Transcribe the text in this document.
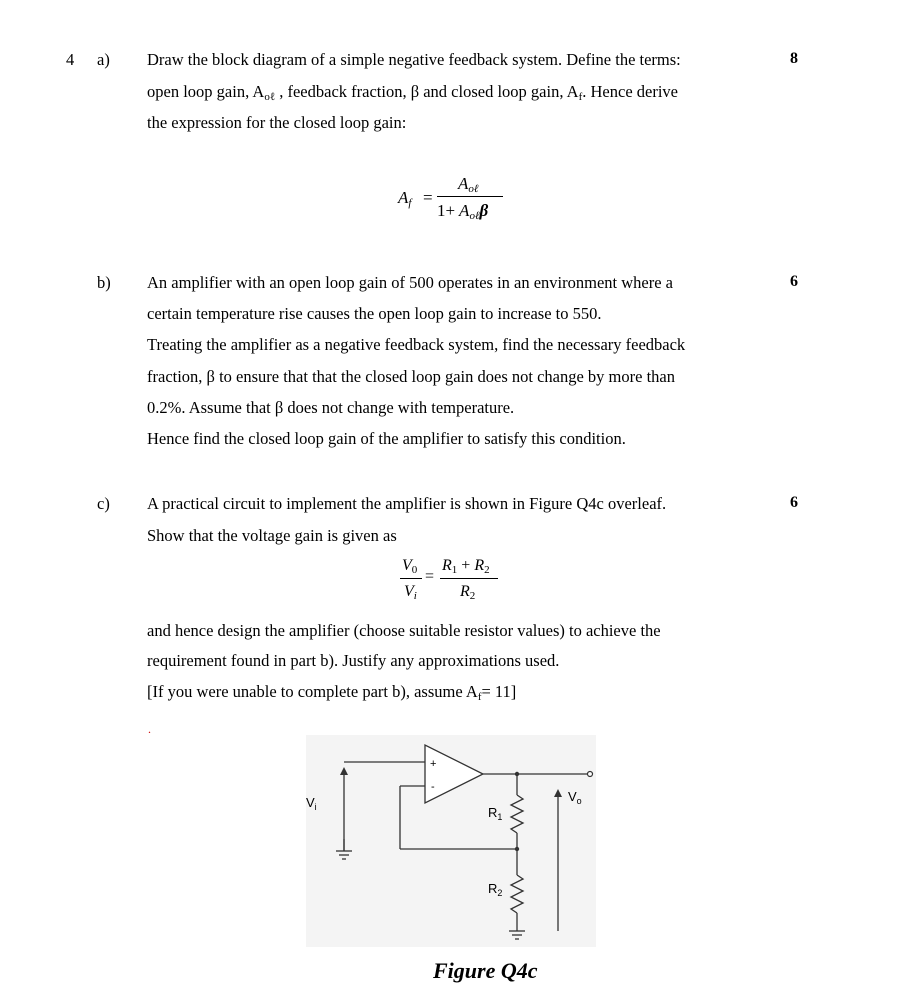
4 a)	8
Draw the block diagram of a simple negative feedback system. Define the terms:
open loop gain, Aoℓ , feedback fraction, β and closed loop gain, Af. Hence derive
the expression for the closed loop gain:
Af =
Aoℓ
1+ Aoℓβ
b)	6
An amplifier with an open loop gain of 500 operates in an environment where a
certain temperature rise causes the open loop gain to increase to 550.
Treating the amplifier as a negative feedback system, find the necessary feedback
fraction, β to ensure that that the closed loop gain does not change by more than
0.2%. Assume that β does not change with temperature.
Hence find the closed loop gain of the amplifier to satisfy this condition.
c)	6
A practical circuit to implement the amplifier is shown in Figure Q4c overleaf.
Show that the voltage gain is given as
V0
Vi
=
R1 + R2
R2
and hence design the amplifier (choose suitable resistor values) to achieve the
requirement found in part b). Justify any approximations used.
[If you were unable to complete part b), assume Af= 11]
.
+
-
$V_i$
$V_o$
$R_1$
$R_2$
Figure Q4c
